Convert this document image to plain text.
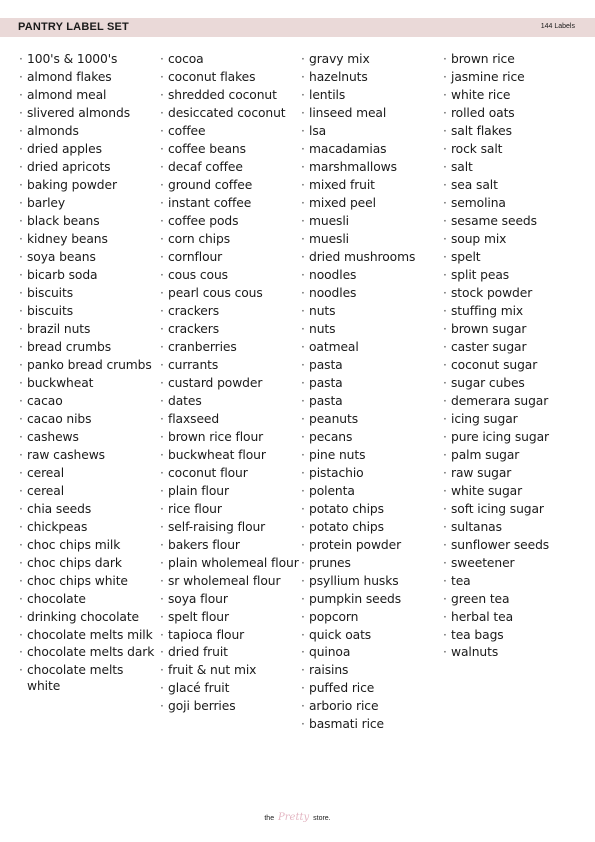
PANTRY LABEL SET	144 Labels
· 100's & 1000's
· almond flakes
· almond meal
· slivered almonds
· almonds
· dried apples
· dried apricots
· baking powder
· barley
· black beans
· kidney beans
· soya beans
· bicarb soda
· biscuits
· biscuits
· brazil nuts
· bread crumbs
· panko bread crumbs
· buckwheat
· cacao
· cacao nibs
· cashews
· raw cashews
· cereal
· cereal
· chia seeds
· chickpeas
· choc chips milk
· choc chips dark
· choc chips white
· chocolate
· drinking chocolate
· chocolate melts milk
· chocolate melts dark
· chocolate melts white
· cocoa
· coconut flakes
· shredded coconut
· desiccated coconut
· coffee
· coffee beans
· decaf coffee
· ground coffee
· instant coffee
· coffee pods
· corn chips
· cornflour
· cous cous
· pearl cous cous
· crackers
· crackers
· cranberries
· currants
· custard powder
· dates
· flaxseed
· brown rice flour
· buckwheat flour
· coconut flour
· plain flour
· rice flour
· self-raising flour
· bakers flour
· plain wholemeal flour
· sr wholemeal flour
· soya flour
· spelt flour
· tapioca flour
· dried fruit
· fruit & nut mix
· glacé fruit
· goji berries
· gravy mix
· hazelnuts
· lentils
· linseed meal
· lsa
· macadamias
· marshmallows
· mixed fruit
· mixed peel
· muesli
· muesli
· dried mushrooms
· noodles
· noodles
· nuts
· nuts
· oatmeal
· pasta
· pasta
· pasta
· peanuts
· pecans
· pine nuts
· pistachio
· polenta
· potato chips
· potato chips
· protein powder
· prunes
· psyllium husks
· pumpkin seeds
· popcorn
· quick oats
· quinoa
· raisins
· puffed rice
· arborio rice
· basmati rice
· brown rice
· jasmine rice
· white rice
· rolled oats
· salt flakes
· rock salt
· salt
· sea salt
· semolina
· sesame seeds
· soup mix
· spelt
· split peas
· stock powder
· stuffing mix
· brown sugar
· caster sugar
· coconut sugar
· sugar cubes
· demerara sugar
· icing sugar
· pure icing sugar
· palm sugar
· raw sugar
· white sugar
· soft icing sugar
· sultanas
· sunflower seeds
· sweetener
· tea
· green tea
· herbal tea
· tea bags
· walnuts
the Pretty store.
